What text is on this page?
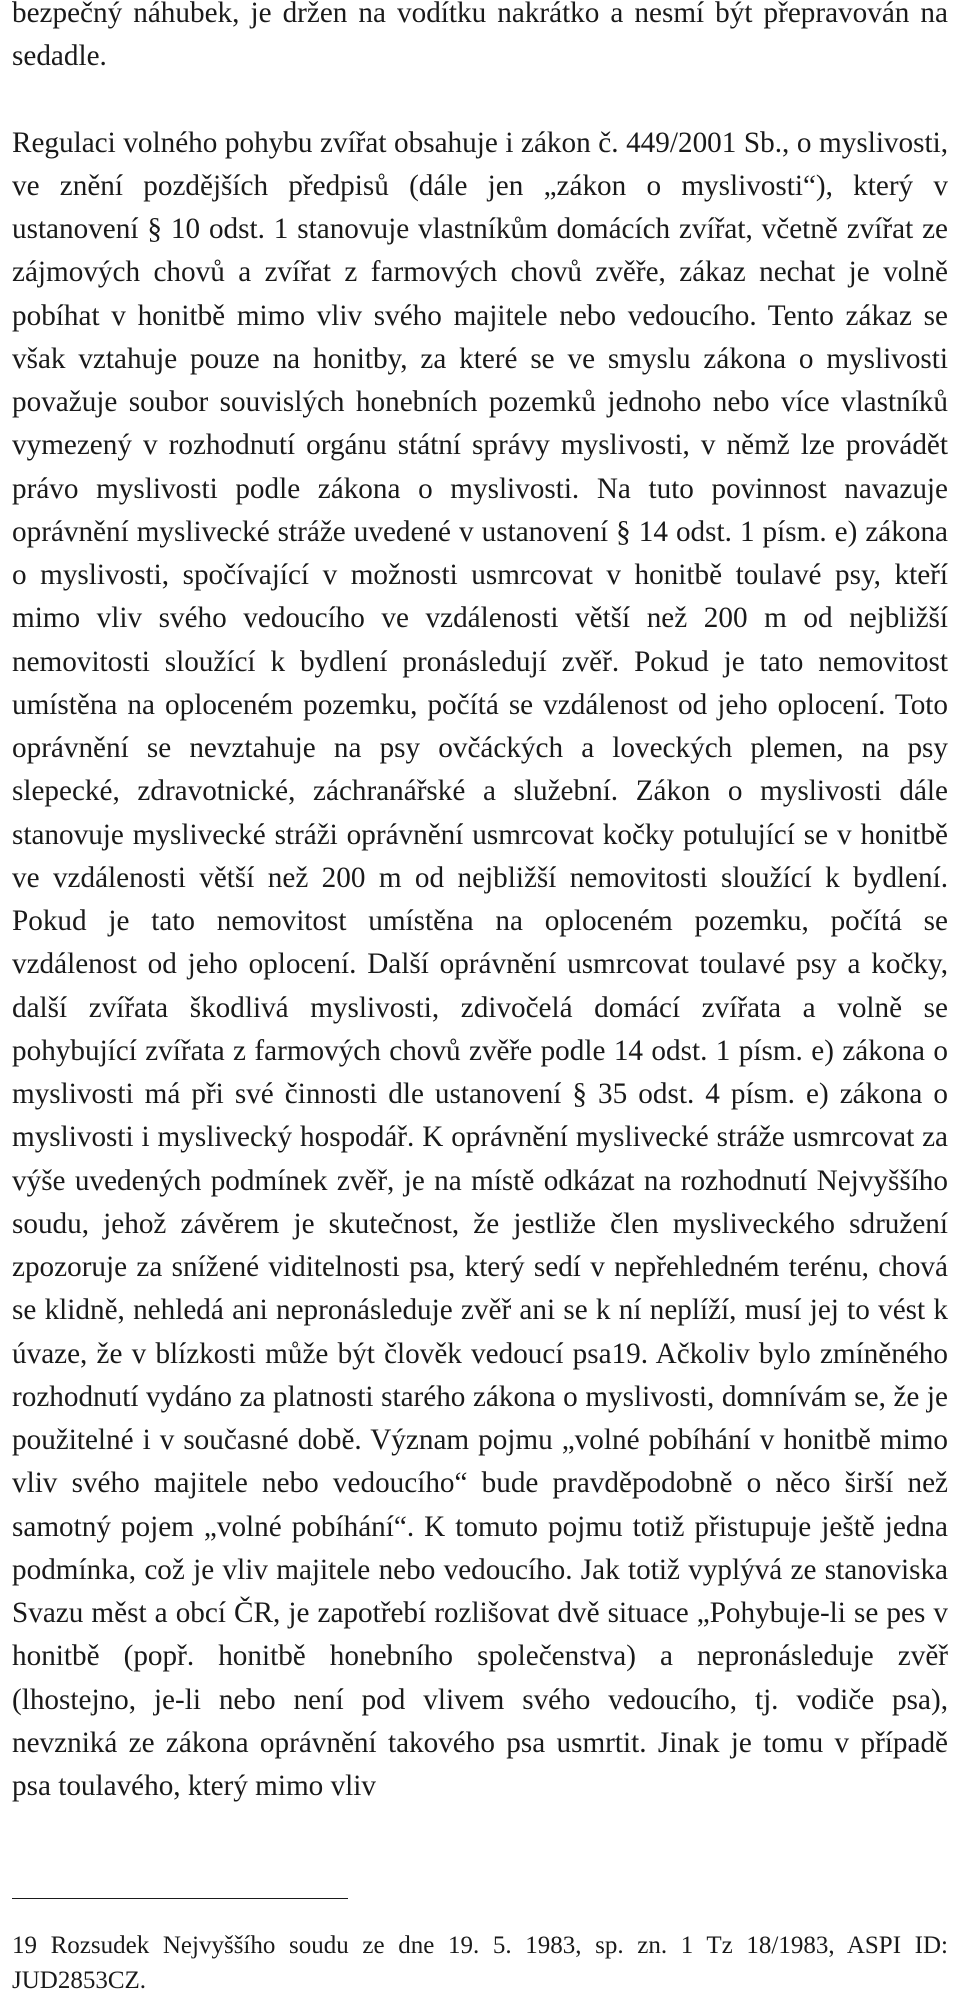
bezpečný náhubek, je držen na vodítku nakrátko a nesmí být přepravován na sedadle.

Regulaci volného pohybu zvířat obsahuje i zákon č. 449/2001 Sb., o myslivosti, ve znění pozdějších předpisů (dále jen „zákon o myslivosti“), který v ustanovení § 10 odst. 1 stanovuje vlastníkům domácích zvířat, včetně zvířat ze zájmových chovů a zvířat z farmových chovů zvěře, zákaz nechat je volně pobíhat v honitbě mimo vliv svého majitele nebo vedoucího. Tento zákaz se však vztahuje pouze na honitby, za které se ve smyslu zákona o myslivosti považuje soubor souvislých honebních pozemků jednoho nebo více vlastníků vymezený v rozhodnutí orgánu státní správy myslivosti, v němž lze provádět právo myslivosti podle zákona o myslivosti. Na tuto povinnost navazuje oprávnění myslivecké stráže uvedené v ustanovení § 14 odst. 1 písm. e) zákona o myslivosti, spočívající v možnosti usmrcovat v honitbě toulavé psy, kteří mimo vliv svého vedoucího ve vzdálenosti větší než 200 m od nejbližší nemovitosti sloužící k bydlení pronásledují zvěř. Pokud je tato nemovitost umístěna na oploceném pozemku, počítá se vzdálenost od jeho oplocení. Toto oprávnění se nevztahuje na psy ovčáckých a loveckých plemen, na psy slepecké, zdravotnické, záchranářské a služební. Zákon o myslivosti dále stanovuje myslivecké stráži oprávnění usmrcovat kočky potulující se v honitbě ve vzdálenosti větší než 200 m od nejbližší nemovitosti sloužící k bydlení. Pokud je tato nemovitost umístěna na oploceném pozemku, počítá se vzdálenost od jeho oplocení. Další oprávnění usmrcovat toulavé psy a kočky, další zvířata škodlivá myslivosti, zdivočelá domácí zvířata a volně se pohybující zvířata z farmových chovů zvěře podle 14 odst. 1 písm. e) zákona o myslivosti má při své činnosti dle ustanovení § 35 odst. 4 písm. e) zákona o myslivosti i myslivecký hospodář. K oprávnění myslivecké stráže usmrcovat za výše uvedených podmínek zvěř, je na místě odkázat na rozhodnutí Nejvyššího soudu, jehož závěrem je skutečnost, že jestliže člen mysliveckého sdružení zpozoruje za snížené viditelnosti psa, který sedí v nepřehledném terénu, chová se klidně, nehledá ani nepronásleduje zvěř ani se k ní neplíží, musí jej to vést k úvaze, že v blízkosti může být člověk vedoucí psa19. Ačkoliv bylo zmíněného rozhodnutí vydáno za platnosti starého zákona o myslivosti, domnívám se, že je použitelné i v současné době. Význam pojmu „volné pobíhání v honitbě mimo vliv svého majitele nebo vedoucího“ bude pravděpodobně o něco širší než samotný pojem „volné pobíhání“. K tomuto pojmu totiž přistupuje ještě jedna podmínka, což je vliv majitele nebo vedoucího. Jak totiž vyplývá ze stanoviska Svazu měst a obcí ČR, je zapotřebí rozlišovat dvě situace „Pohybuje-li se pes v honitbě (popř. honitbě honebního společenstva) a nepronásleduje zvěř (lhostejno, je-li nebo není pod vlivem svého vedoucího, tj. vodiče psa), nevzniká ze zákona oprávnění takového psa usmrtit. Jinak je tomu v případě psa toulavého, který mimo vliv

19 Rozsudek Nejvyššího soudu ze dne 19. 5. 1983, sp. zn. 1 Tz 18/1983, ASPI ID: JUD2853CZ.
